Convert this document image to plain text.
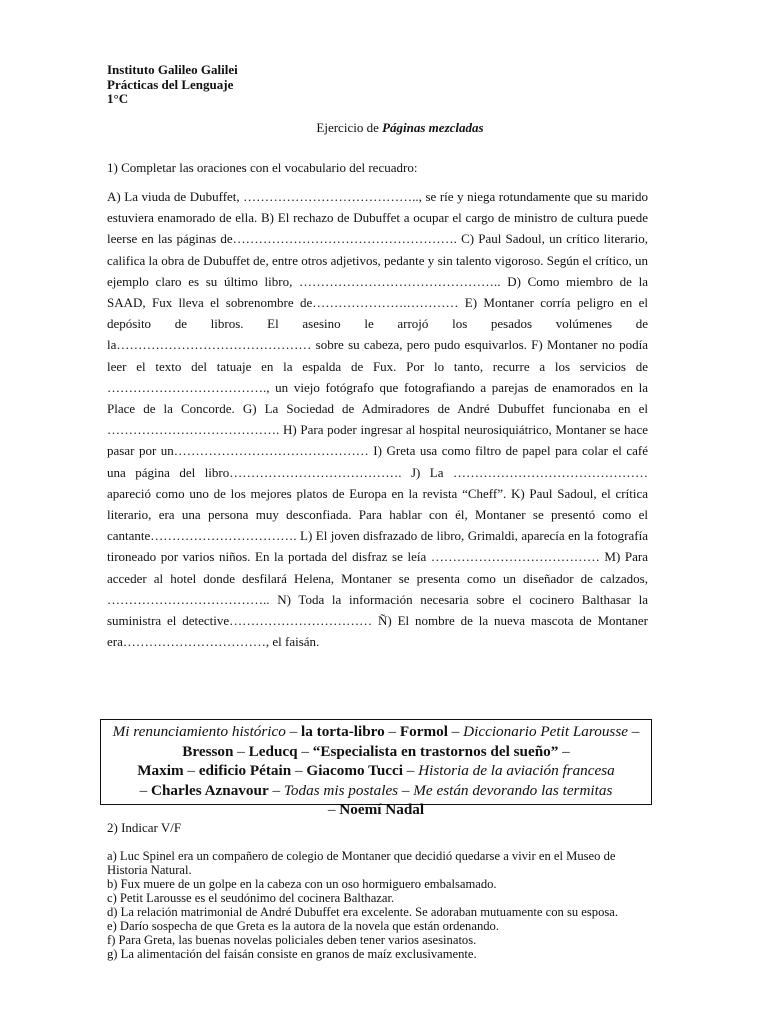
Instituto Galileo Galilei
Prácticas del Lenguaje
1°C
Ejercicio de Páginas mezcladas
1) Completar las oraciones con el vocabulario del recuadro:
A) La viuda de Dubuffet, ………………………………….., se ríe y niega rotundamente que su marido estuviera enamorado de ella. B) El rechazo de Dubuffet a ocupar el cargo de ministro de cultura puede leerse en las páginas de……………………………………………. C) Paul Sadoul, un crítico literario, califica la obra de Dubuffet de, entre otros adjetivos, pedante y sin talento vigoroso. Según el crítico, un ejemplo claro es su último libro, ……………………………………….. D) Como miembro de la SAAD, Fux lleva el sobrenombre de………………….………… E) Montaner corría peligro en el depósito de libros. El asesino le arrojó los pesados volúmenes de la……………………………………… sobre su cabeza, pero pudo esquivarlos. F) Montaner no podía leer el texto del tatuaje en la espalda de Fux. Por lo tanto, recurre a los servicios de ………………………………., un viejo fotógrafo que fotografiando a parejas de enamorados en la Place de la Concorde. G) La Sociedad de Admiradores de André Dubuffet funcionaba en el …………………………………. H) Para poder ingresar al hospital neurosiquiátrico, Montaner se hace pasar por un……………………………………… I) Greta usa como filtro de papel para colar el café una página del libro…………………………………. J) La ………………………………………apareció como uno de los mejores platos de Europa en la revista “Cheff”. K) Paul Sadoul, el crítica literario, era una persona muy desconfiada. Para hablar con él, Montaner se presentó como el cantante……………………………. L) El joven disfrazado de libro, Grimaldi, aparecía en la fotografía tironeado por varios niños. En la portada del disfraz se leía ………………………………… M) Para acceder al hotel donde desfilará Helena, Montaner se presenta como un diseñador de calzados, ……………………………….. N) Toda la información necesaria sobre el cocinero Balthasar la suministra el detective…………………………… Ñ) El nombre de la nueva mascota de Montaner era……………………………, el faisán.
Mi renunciamiento histórico – la torta-libro – Formol – Diccionario Petit Larousse – Bresson – Leducq – “Especialista en trastornos del sueño” –
Maxim – edificio Pétain – Giacomo Tucci – Historia de la aviación francesa
– Charles Aznavour – Todas mis postales – Me están devorando las termitas
– Noemí Nadal
2) Indicar V/F
a) Luc Spinel era un compañero de colegio de Montaner que decidió quedarse a vivir en el Museo de Historia Natural.
b) Fux muere de un golpe en la cabeza con un oso hormiguero embalsamado.
c) Petit Larousse es el seudónimo del cocinera Balthazar.
d) La relación matrimonial de André Dubuffet era excelente. Se adoraban mutuamente con su esposa.
e) Darío sospecha de que Greta es la autora de la novela que están ordenando.
f) Para Greta, las buenas novelas policiales deben tener varios asesinatos.
g) La alimentación del faisán consiste en granos de maíz exclusivamente.
